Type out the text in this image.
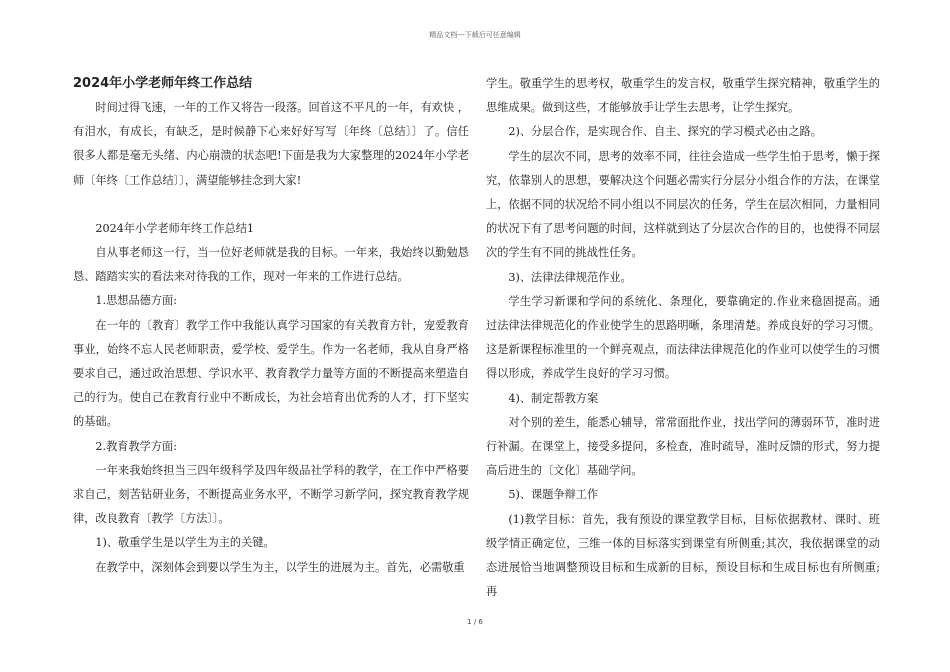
精品文档---下载后可任意编辑

2024年小学老师年终工作总结

时间过得飞速，一年的工作又将告一段落。回首这不平凡的一年，有欢快 ，有泪水，有成长，有缺乏，是时候静下心来好好写写〔年终〔总结〕〕了。信任很多人都是毫无头绪、内心崩溃的状态吧!下面是我为大家整理的2024年小学老师〔年终〔工作总结〕〕，满望能够挂念到大家!

2024年小学老师年终工作总结1

自从事老师这一行，当一位好老师就是我的目标。一年来，我始终以勤勉恳恳、踏踏实实的看法来对待我的工作，现对一年来的工作进行总结。

1.思想品德方面:

在一年的〔教育〕教学工作中我能认真学习国家的有关教育方针，宠爱教育事业，始终不忘人民老师职责，爱学校、爱学生。作为一名老师，我从自身严格要求自己，通过政治思想、学识水平、教育教学力量等方面的不断提高来塑造自己的行为。使自己在教育行业中不断成长，为社会培育出优秀的人才，打下坚实的基础。

2.教育教学方面:

一年来我始终担当三四年级科学及四年级品社学科的教学，在工作中严格要求自己，刻苦钻研业务，不断提高业务水平，不断学习新学问，探究教育教学规律，改良教育〔教学〔方法〕〕。

1)、敬重学生是以学生为主的关键。

在教学中，深刻体会到要以学生为主，以学生的进展为主。首先，必需敬重

学生。敬重学生的思考权，敬重学生的发言权，敬重学生探究精神，敬重学生的思维成果。做到这些，才能够放手让学生去思考，让学生探究。

2)、分层合作，是实现合作、自主、探究的学习模式必由之路。

学生的层次不同，思考的效率不同，往往会造成一些学生怕于思考，懒于探究，依靠别人的思想，要解决这个问题必需实行分层分小组合作的方法，在课堂上，依据不同的状况给不同小组以不同层次的任务，学生在层次相同，力量相同的状况下有了思考问题的时间，这样就到达了分层次合作的目的，也使得不同层次的学生有不同的挑战性任务。

3)、法律法律规范作业。

学生学习新课和学问的系统化、条理化，要靠确定的.作业来稳固提高。通过法律法律规范化的作业使学生的思路明晰，条理清楚。养成良好的学习习惯。这是新课程标准里的一个鲜亮观点，而法律法律规范化的作业可以使学生的习惯得以形成，养成学生良好的学习习惯。

4)、制定帮教方案

对个别的差生，能悉心辅导，常常面批作业，找出学问的薄弱环节，准时进行补漏。在课堂上，接受多提问，多检查，准时疏导，准时反馈的形式，努力提高后进生的〔文化〕基础学问。

5)、课题争辩工作

(1)教学目标：首先，我有预设的课堂教学目标，目标依据教材、课时、班级学情正确定位，三维一体的目标落实到课堂有所侧重;其次，我依据课堂的动态进展恰当地调整预设目标和生成新的目标，预设目标和生成目标也有所侧重;再

1 / 6
